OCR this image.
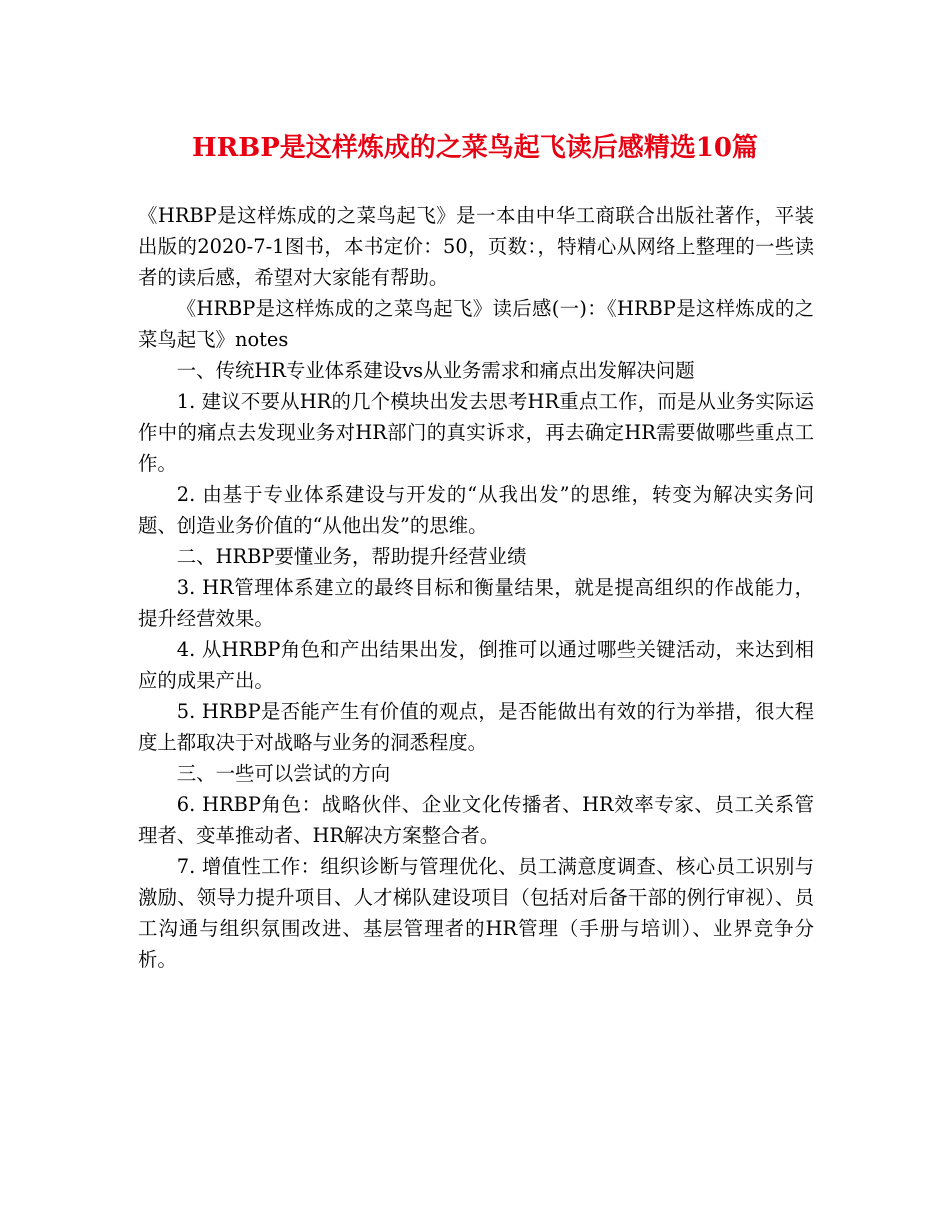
HRBP是这样炼成的之菜鸟起飞读后感精选10篇

《HRBP是这样炼成的之菜鸟起飞》是一本由中华工商联合出版社著作，平装出版的2020-7-1图书，本书定价：50，页数：，特精心从网络上整理的一些读者的读后感，希望对大家能有帮助。

《HRBP是这样炼成的之菜鸟起飞》读后感(一)：《HRBP是这样炼成的之菜鸟起飞》notes

一、传统HR专业体系建设vs从业务需求和痛点出发解决问题

1. 建议不要从HR的几个模块出发去思考HR重点工作，而是从业务实际运作中的痛点去发现业务对HR部门的真实诉求，再去确定HR需要做哪些重点工作。

2. 由基于专业体系建设与开发的“从我出发”的思维，转变为解决实务问题、创造业务价值的“从他出发”的思维。

二、HRBP要懂业务，帮助提升经营业绩

3. HR管理体系建立的最终目标和衡量结果，就是提高组织的作战能力，提升经营效果。

4. 从HRBP角色和产出结果出发，倒推可以通过哪些关键活动，来达到相应的成果产出。

5. HRBP是否能产生有价值的观点，是否能做出有效的行为举措，很大程度上都取决于对战略与业务的洞悉程度。

三、一些可以尝试的方向

6. HRBP角色：战略伙伴、企业文化传播者、HR效率专家、员工关系管理者、变革推动者、HR解决方案整合者。

7. 增值性工作：组织诊断与管理优化、员工满意度调查、核心员工识别与激励、领导力提升项目、人才梯队建设项目（包括对后备干部的例行审视）、员工沟通与组织氛围改进、基层管理者的HR管理（手册与培训）、业界竞争分析。
